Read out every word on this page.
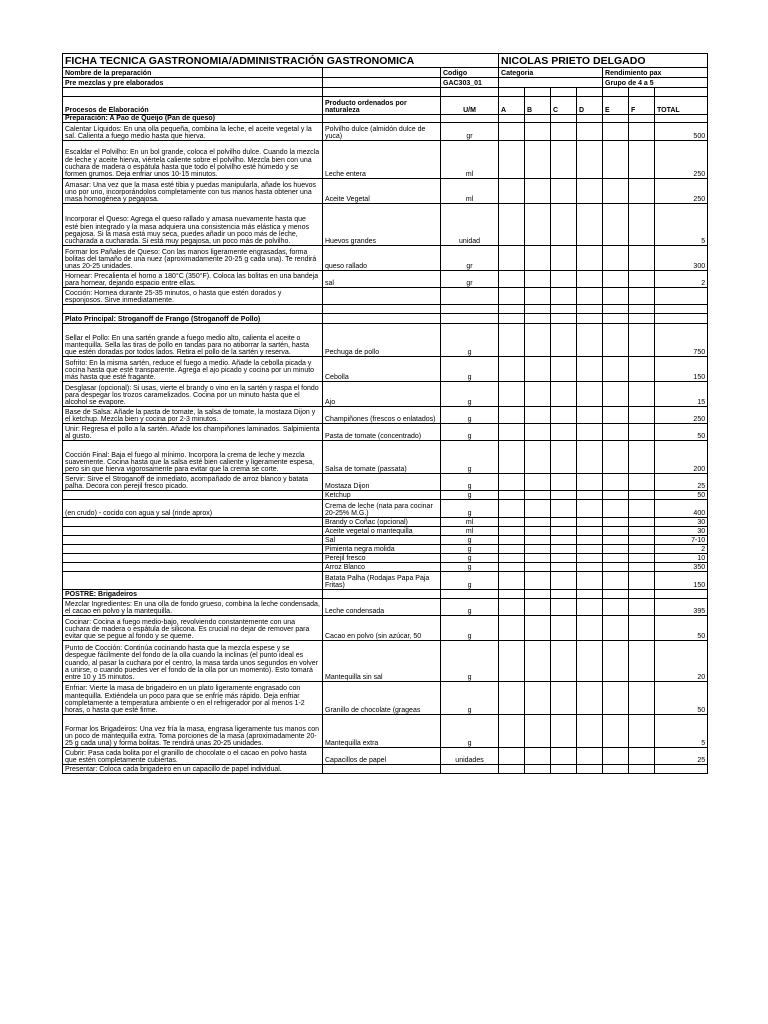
FICHA TECNICA GASTRONOMIA/ADMINISTRACIÓN GASTRONOMICA			NICOLAS PRIETO DELGADO						
Nombre de la preparación		Codigo	Categoria				Rendimiento pax		
Pre mezclas y pre elaborados		GAC303_01					Grupo de 4 a 5		

Procesos de Elaboración	Producto ordenados por naturaleza	U/M	A	B	C	D	E	F	TOTAL
Preparación: A Pao de Queijo (Pan de queso)									
Calentar Líquidos: En una olla pequeña, combina la leche, el aceite vegetal y la sal. Calienta a fuego medio hasta que hierva.	Polvilho dulce (almidón dulce de yuca)	gr							500
Escaldar el Polvilho: En un bol grande, coloca el polvilho dulce. Cuando la mezcla de leche y aceite hierva, viértela caliente sobre el polvilho. Mezcla bien con una cuchara de madera o espátula hasta que todo el polvilho esté húmedo y se formen grumos. Deja enfriar unos 10-15 minutos.	Leche entera	ml							250
Amasar: Una vez que la masa esté tibia y puedas manipularla, añade los huevos uno por uno, incorporándolos completamente con tus manos hasta obtener una masa homogénea y pegajosa.	Aceite Vegetal	ml							250
Incorporar el Queso: Agrega el queso rallado y amasa nuevamente hasta que esté bien integrado y la masa adquiera una consistencia más elástica y menos pegajosa. Si la masa está muy seca, puedes añadir un poco más de leche, cucharada a cucharada. Si está muy pegajosa, un poco más de polvilho.	Huevos grandes	unidad							5
Formar los Pañales de Queso: Con las manos ligeramente engrasadas, forma bolitas del tamaño de una nuez (aproximadamente 20-25 g cada una). Te rendirá unas 20-25 unidades.	queso rallado	gr							300
Hornear: Precalienta el horno a 180°C (350°F). Coloca las bolitas en una bandeja para hornear, dejando espacio entre ellas.	sal	gr							2
Cocción: Hornea durante 25-35 minutos, o hasta que estén dorados y esponjosos. Sirve inmediatamente.									

Plato Principal: Stroganoff de Frango (Stroganoff de Pollo)									
Sellar el Pollo: En una sartén grande a fuego medio alto, calienta el aceite o mantequilla. Sella las tiras de pollo en tandas para no atiborrar la sartén, hasta que estén doradas por todos lados. Retira el pollo de la sartén y reserva.	Pechuga de pollo	g							750
Sofrito: En la misma sartén, reduce el fuego a medio. Añade la cebolla picada y cocina hasta que esté transparente. Agrega el ajo picado y cocina por un minuto más hasta que esté fragante.	Cebolla	g							150
Desglasar (opcional): Si usas, vierte el brandy o vino en la sartén y raspa el fondo para despegar los trozos caramelizados. Cocina por un minuto hasta que el alcohol se evapore.	Ajo	g							15
Base de Salsa: Añade la pasta de tomate, la salsa de tomate, la mostaza Dijon y el ketchup. Mezcla bien y cocina por 2-3 minutos.	Champiñones (frescos o enlatados)	g							250
Unir: Regresa el pollo a la sartén. Añade los champiñones laminados. Salpimienta al gusto.	Pasta de tomate (concentrado)	g							50
Cocción Final: Baja el fuego al mínimo. Incorpora la crema de leche y mezcla suavemente. Cocina hasta que la salsa esté bien caliente y ligeramente espesa, pero sin que hierva vigorosamente para evitar que la crema se corte.	Salsa de tomate (passata)	g							200
Servir: Sirve el Stroganoff de inmediato, acompañado de arroz blanco y batata palha. Decora con perejil fresco picado.	Mostaza Dijon	g							25
	Ketchup	g							50
(en crudo) - cocido con agua y sal (rinde aprox)	Crema de leche (nata para cocinar 20-25% M.G.)	g							400
	Brandy o Coñac (opcional)	ml							30
	Aceite vegetal o mantequilla	ml							30
	Sal	g							7-10
	Pimienta negra molida	g							2
	Perejil fresco	g							10
	Arroz Blanco	g							350
	Batata Palha (Rodajas Papa Paja Fritas)	g							150
POSTRE: Brigadeiros									
Mezclar Ingredientes: En una olla de fondo grueso, combina la leche condensada, el cacao en polvo y la mantequilla.	Leche condensada	g							395
Cocinar: Cocina a fuego medio-bajo, revolviendo constantemente con una cuchara de madera o espátula de silicona. Es crucial no dejar de remover para evitar que se pegue al fondo y se queme.	Cacao en polvo (sin azúcar, 50	g							50
Punto de Cocción: Continúa cocinando hasta que la mezcla espese y se despegue fácilmente del fondo de la olla cuando la inclinas (el punto ideal es cuando, al pasar la cuchara por el centro, la masa tarda unos segundos en volver a unirse, o cuando puedes ver el fondo de la olla por un momento). Esto tomará entre 10 y 15 minutos.	Mantequilla sin sal	g							20
Enfriar: Vierte la masa de brigadeiro en un plato ligeramente engrasado con mantequilla. Extiéndela un poco para que se enfríe más rápido. Deja enfriar completamente a temperatura ambiente o en el refrigerador por al menos 1-2 horas, o hasta que esté firme.	Granillo de chocolate (grageas	g							50
Formar los Brigadeiros: Una vez fría la masa, engrasa ligeramente tus manos con un poco de mantequilla extra. Toma porciones de la masa (aproximadamente 20-25 g cada una) y forma bolitas. Te rendirá unas 20-25 unidades.	Mantequilla extra	g							5
Cubrir: Pasa cada bolita por el granillo de chocolate o el cacao en polvo hasta que estén completamente cubiertas.	Capacillos de papel	unidades							25
Presentar: Coloca cada brigadeiro en un capacillo de papel individual.									
